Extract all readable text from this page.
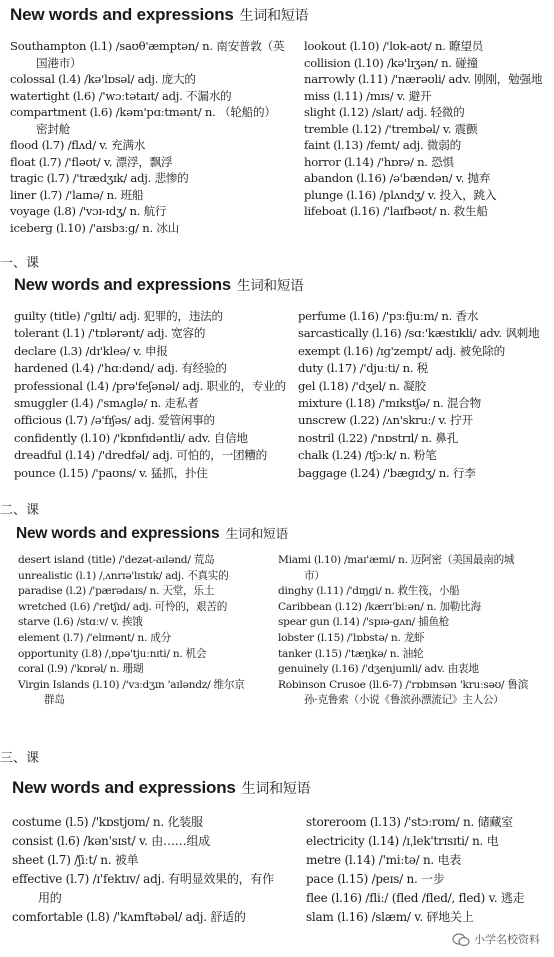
New words and expressions 生词和短语
Southampton (l.1) /saʊθ'æmptən/ n. 南安普敦（英
国港市）
colossal (l.4) /kə'lɒsəl/ adj. 庞大的
watertight (l.6) /'wɔːtətaɪt/ adj. 不漏水的
compartment (l.6) /kəm'pɑːtmənt/ n. （轮船的）
密封舱
flood (l.7) /flʌd/ v. 充满水
float (l.7) /'fləʊt/ v. 漂浮，飘浮
tragic (l.7) /'trædʒɪk/ adj. 悲惨的
liner (l.7) /'laɪnə/ n. 班船
voyage (l.8) /'vɔɪ-ɪdʒ/ n. 航行
iceberg (l.10) /'aɪsbɜːg/ n. 冰山
lookout (l.10) /'lʊk-aʊt/ n. 瞭望员
collision (l.10) /kə'lɪʒən/ n. 碰撞
narrowly (l.11) /'nærəʊli/ adv. 刚刚，勉强地
miss (l.11) /mɪs/ v. 避开
slight (l.12) /slaɪt/ adj. 轻微的
tremble (l.12) /'trembəl/ v. 震颤
faint (l.13) /feɪnt/ adj. 微弱的
horror (l.14) /'hɒrə/ n. 恐惧
abandon (l.16) /ə'bændən/ v. 抛弃
plunge (l.16) /plʌndʒ/ v. 投入，跳入
lifeboat (l.16) /'laɪfbəʊt/ n. 救生船
一、课
New words and expressions 生词和短语
guilty (title) /'gɪlti/ adj. 犯罪的，违法的
tolerant (l.1) /'tɒlərənt/ adj. 宽容的
declare (l.3) /dɪ'kleə/ v. 申报
hardened (l.4) /'hɑːdənd/ adj. 有经验的
professional (l.4) /prə'feʃənəl/ adj. 职业的，专业的
smuggler (l.4) /'smʌglə/ n. 走私者
officious (l.7) /ə'fɪʃəs/ adj. 爱管闲事的
confidently (l.10) /'kɒnfɪdəntli/ adv. 自信地
dreadful (l.14) /'dredfəl/ adj. 可怕的，一团糟的
pounce (l.15) /'paʊns/ v. 猛抓，扑住
perfume (l.16) /'pɜːfjuːm/ n. 香水
sarcastically (l.16) /sɑː'kæstɪkli/ adv. 讽刺地
exempt (l.16) /ɪg'zempt/ adj. 被免除的
duty (l.17) /'djuːti/ n. 税
gel (l.18) /'dʒel/ n. 凝胶
mixture (l.18) /'mɪkstʃə/ n. 混合物
unscrew (l.22) /ʌn'skruː/ v. 拧开
nostril (l.22) /'nɒstrɪl/ n. 鼻孔
chalk (l.24) /tʃɔːk/ n. 粉笔
baggage (l.24) /'bægɪdʒ/ n. 行李
二、课
New words and expressions 生词和短语
desert island (title) /'dezət-aɪlənd/ 荒岛
unrealistic (l.1) /ˌʌnrɪə'lɪstɪk/ adj. 不真实的
paradise (l.2) /'pærədaɪs/ n. 天堂，乐土
wretched (l.6) /'retʃɪd/ adj. 可怜的，艰苦的
starve (l.6) /stɑːv/ v. 挨饿
element (l.7) /'elɪmənt/ n. 成分
opportunity (l.8) /ˌɒpə'tjuːnɪti/ n. 机会
coral (l.9) /'kɒrəl/ n. 珊瑚
Virgin Islands (l.10) /'vɜːdʒɪn 'aɪləndz/ 维尔京
群岛
Miami (l.10) /maɪ'æmi/ n. 迈阿密（美国最南的城
市）
dinghy (l.11) /'dɪŋgi/ n. 救生筏，小船
Caribbean (l.12) /kærɪ'biːən/ n. 加勒比海
spear gun (l.14) /'spɪə-gʌn/ 捕鱼枪
lobster (l.15) /'lɒbstə/ n. 龙虾
tanker (l.15) /'tæŋkə/ n. 油轮
genuinely (l.16) /'dʒenjuɪnli/ adv. 由衷地
Robinson Crusoe (ll.6-7) /'rɒbɪnsən 'kruːsəʊ/ 鲁滨
孙·克鲁索（小说《鲁滨孙漂流记》主人公）
三、课
New words and expressions 生词和短语
costume (l.5) /'kɒstjʊm/ n. 化装服
consist (l.6) /kən'sɪst/ v. 由……组成
sheet (l.7) /ʃiːt/ n. 被单
effective (l.7) /ɪ'fektɪv/ adj. 有明显效果的，有作
用的
comfortable (l.8) /'kʌmftəbəl/ adj. 舒适的
storeroom (l.13) /'stɔːrʊm/ n. 储藏室
electricity (l.14) /ɪˌlek'trɪsɪti/ n. 电
metre (l.14) /'miːtə/ n. 电表
pace (l.15) /peɪs/ n. 一步
flee (l.16) /fliː/ (fled /fled/, fled) v. 逃走
slam (l.16) /slæm/ v. 砰地关上
小学名校资料
